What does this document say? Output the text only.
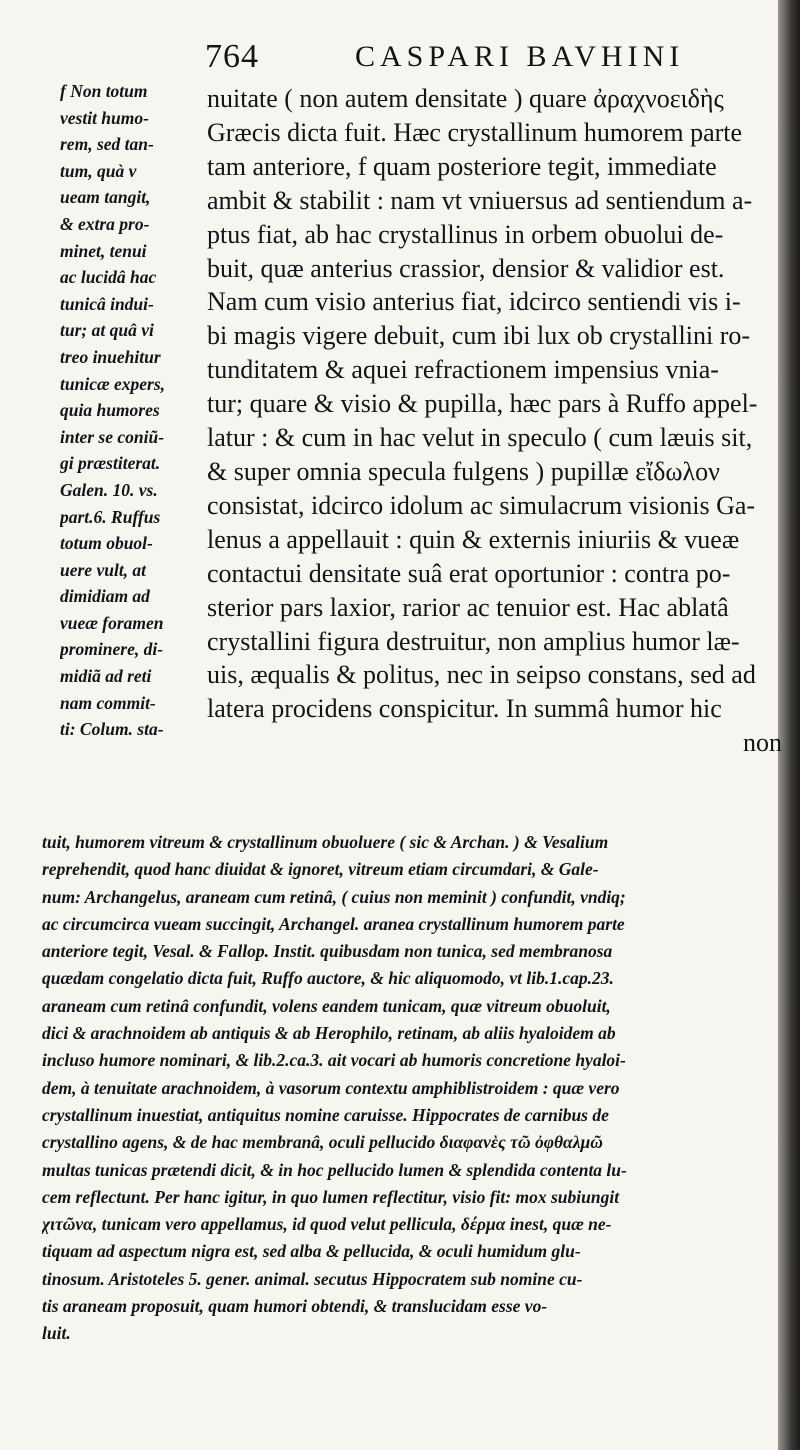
764	CASPARI BAVHINI
f Non totum
vestit humo-
rem, sed tan-
tum, quà v
ueam tangit,
& extra pro-
minet, tenui
ac lucidâ hac
tunicâ indui-
tur; at quâ vi
treo inuehitur
tunicæ expers,
quia humores
inter se coniũ-
gi præstiterat.
Galen. 10. vs.
part.6. Ruffus
totum obuol-
uere vult, at
dimidiam ad
vueæ foramen
prominere, di-
midiã ad reti
nam commit-
ti: Colum. sta-
nuitate ( non autem densitate ) quare ἀραχνοειδὴς
Græcis dicta fuit. Hæc crystallinum humorem parte
tam anteriore, f quam posteriore tegit, immediate
ambit & stabilit : nam vt vniuersus ad sentiendum a-
ptus fiat, ab hac crystallinus in orbem obuolui de-
buit, quæ anterius crassior, densior & validior est.
Nam cum visio anterius fiat, idcirco sentiendi vis i-
bi magis vigere debuit, cum ibi lux ob crystallini ro-
tunditatem & aquei refractionem impensius vnia-
tur; quare & visio & pupilla, hæc pars à Ruffo appel-
latur : & cum in hac velut in speculo ( cum læuis sit,
& super omnia specula fulgens ) pupillæ εἴδωλον
consistat, idcirco idolum ac simulacrum visionis Ga-
lenus a appellauit : quin & externis iniuriis & vueæ
contactui densitate suâ erat oportunior : contra po-
sterior pars laxior, rarior ac tenuior est. Hac ablatâ
crystallini figura destruitur, non amplius humor læ-
uis, æqualis & politus, nec in seipso constans, sed ad
latera procidens conspicitur. In summâ humor hic
non
tuit, humorem vitreum & crystallinum obuoluere ( sic & Archan. ) & Vesalium
reprehendit, quod hanc diuidat & ignoret, vitreum etiam circumdari, & Gale-
num: Archangelus, araneam cum retinâ, ( cuius non meminit ) confundit, vndiq;
ac circumcirca vueam succingit, Archangel. aranea crystallinum humorem parte
anteriore tegit, Vesal. & Fallop. Instit. quibusdam non tunica, sed membranosa
quædam congelatio dicta fuit, Ruffo auctore, & hic aliquomodo, vt lib.1.cap.23.
araneam cum retinâ confundit, volens eandem tunicam, quæ vitreum obuoluit,
dici & arachnoidem ab antiquis & ab Herophilo, retinam, ab aliis hyaloidem ab
incluso humore nominari, & lib.2.ca.3. ait vocari ab humoris concretione hyaloi-
dem, à tenuitate arachnoidem, à vasorum contextu amphiblistroidem : quæ vero
crystallinum inuestiat, antiquitus nomine caruisse. Hippocrates de carnibus de
crystallino agens, & de hac membranâ, oculi pellucido διαφανὲς τῶ ὀφθαλμῶ
multas tunicas prætendi dicit, & in hoc pellucido lumen & splendida contenta lu-
cem reflectunt. Per hanc igitur, in quo lumen reflectitur, visio fit: mox subiungit
χιτῶνα, tunicam vero appellamus, id quod velut pellicula, δέρμα inest, quæ ne-
tiquam ad aspectum nigra est, sed alba & pellucida, & oculi humidum glu-
tinosum. Aristoteles 5. gener. animal. secutus Hippocratem sub nomine cu-
tis araneam proposuit, quam humori obtendi, & translucidam esse vo-
luit.
